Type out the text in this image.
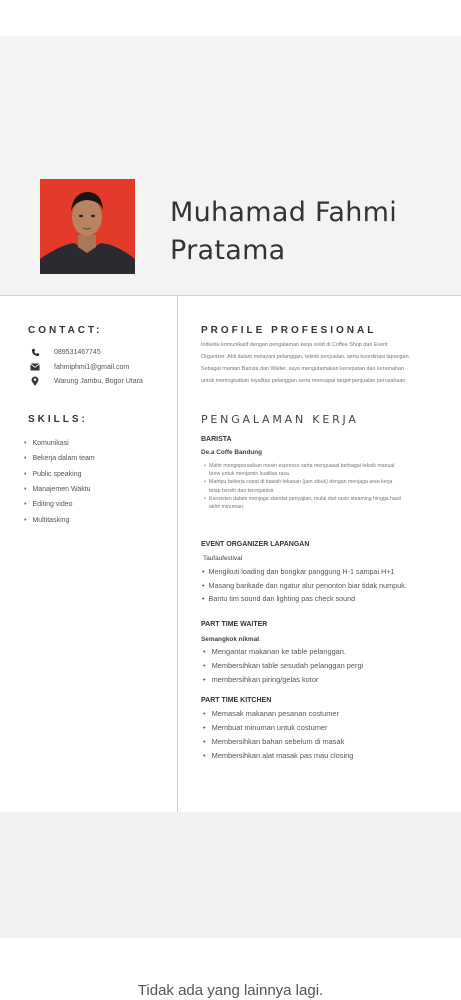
Muhamad Fahmi
Pratama
CONTACT:
089531467745
fahmiphmi1@gmail.com
Warung Jambu, Bogor Utara
SKILLS:
• Komunikasi
• Bekerja dalam team
• Public speaking
• Manajemen Waktu
• Editing video
• Multitasking
PROFILE PROFESIONAL
Individu komunikatif dengan pengalaman kerja solid di Coffee Shop dan Event Organizer. Ahli dalam melayani pelanggan, teknik penjualan, serta koordinasi lapangan. Sebagai mantan Barista dan Waiter, saya mengutamakan kecepatan dan keramahan untuk meningkatkan loyalitas pelanggan serta mencapai target penjualan perusahaan.
PENGALAMAN KERJA
BARISTA
De.a Coffe Bandung
• Mahir mengoperasikan mesin espresso serta menguasai berbagai teknik manual brew untuk menjamin kualitas rasa.
• Mampu bekerja cepat di bawah tekanan (jam sibuk) dengan menjaga area kerja tetap bersih dan terorganisir.
• Konsisten dalam menjaga standar penyajian, mulai dari rasio steaming hingga hasil akhir minuman.
EVENT ORGANIZER LAPANGAN
Taufaufestival
• Mengikuti loading dan bongkar panggung H-1 sampai H+1
• Masang barikade dan ngatur alur penonton biar tidak numpuk.
• Bantu tim sound dan lighting pas check sound
PART TIME WAITER
Semangkok nikmat
• Mengantar makanan ke table pelanggan.
• Membersihkan table sesudah pelanggan pergi
• membersihkan piring/gelas kotor
PART TIME KITCHEN
• Memasak makanan pesanan costumer
• Membuat minuman untuk costumer
• Membersihkan bahan sebelum di masak
• Membersihkan alat masak pas mau closing
Tidak ada yang lainnya lagi.
